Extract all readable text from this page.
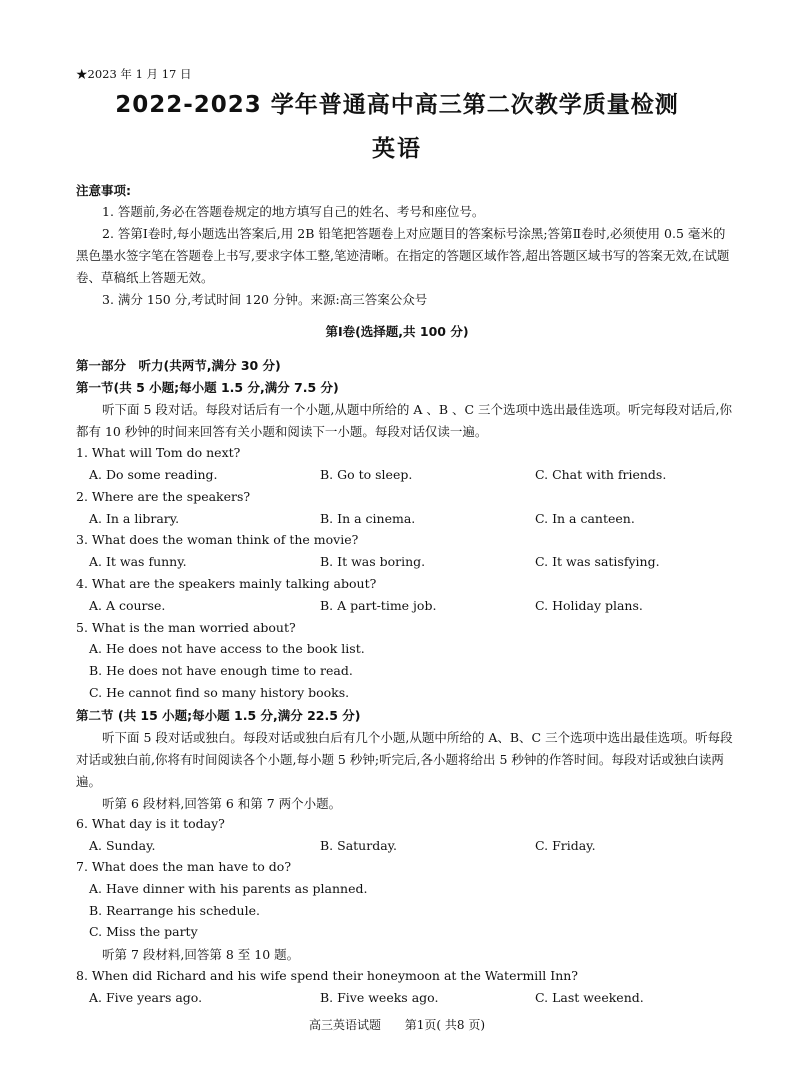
★2023 年 1 月 17 日
2022-2023 学年普通高中高三第二次教学质量检测
英语
注意事项:
1. 答题前,务必在答题卷规定的地方填写自己的姓名、考号和座位号。
2. 答第Ⅰ卷时,每小题选出答案后,用 2B 铅笔把答题卷上对应题目的答案标号涂黑;答第Ⅱ卷时,必须使用 0.5 毫米的黑色墨水签字笔在答题卷上书写,要求字体工整,笔迹清晰。在指定的答题区域作答,超出答题区域书写的答案无效,在试题卷、草稿纸上答题无效。
3. 满分 150 分,考试时间 120 分钟。来源:高三答案公众号
第Ⅰ卷(选择题,共 100 分)
第一部分　听力(共两节,满分 30 分)
第一节(共 5 小题;每小题 1.5 分,满分 7.5 分)
听下面 5 段对话。每段对话后有一个小题,从题中所给的 A 、B 、C 三个选项中选出最佳选项。听完每段对话后,你都有 10 秒钟的时间来回答有关小题和阅读下一小题。每段对话仅读一遍。
1. What will Tom do next?
A. Do some reading.	B. Go to sleep.	C. Chat with friends.
2. Where are the speakers?
A. In a library.	B. In a cinema.	C. In a canteen.
3. What does the woman think of the movie?
A. It was funny.	B. It was boring.	C. It was satisfying.
4. What are the speakers mainly talking about?
A. A course.	B. A part-time job.	C. Holiday plans.
5. What is the man worried about?
A. He does not have access to the book list.
B. He does not have enough time to read.
C. He cannot find so many history books.
第二节 (共 15 小题;每小题 1.5 分,满分 22.5 分)
听下面 5 段对话或独白。每段对话或独白后有几个小题,从题中所给的 A、B、C 三个选项中选出最佳选项。听每段对话或独白前,你将有时间阅读各个小题,每小题 5 秒钟;听完后,各小题将给出 5 秒钟的作答时间。每段对话或独白读两遍。
听第 6 段材料,回答第 6 和第 7 两个小题。
6. What day is it today?
A. Sunday.	B. Saturday.	C. Friday.
7. What does the man have to do?
A. Have dinner with his parents as planned.
B. Rearrange his schedule.
C. Miss the party
听第 7 段材料,回答第 8 至 10 题。
8. When did Richard and his wife spend their honeymoon at the Watermill Inn?
A. Five years ago.	B. Five weeks ago.	C. Last weekend.
高三英语试题 第1页( 共8 页)
